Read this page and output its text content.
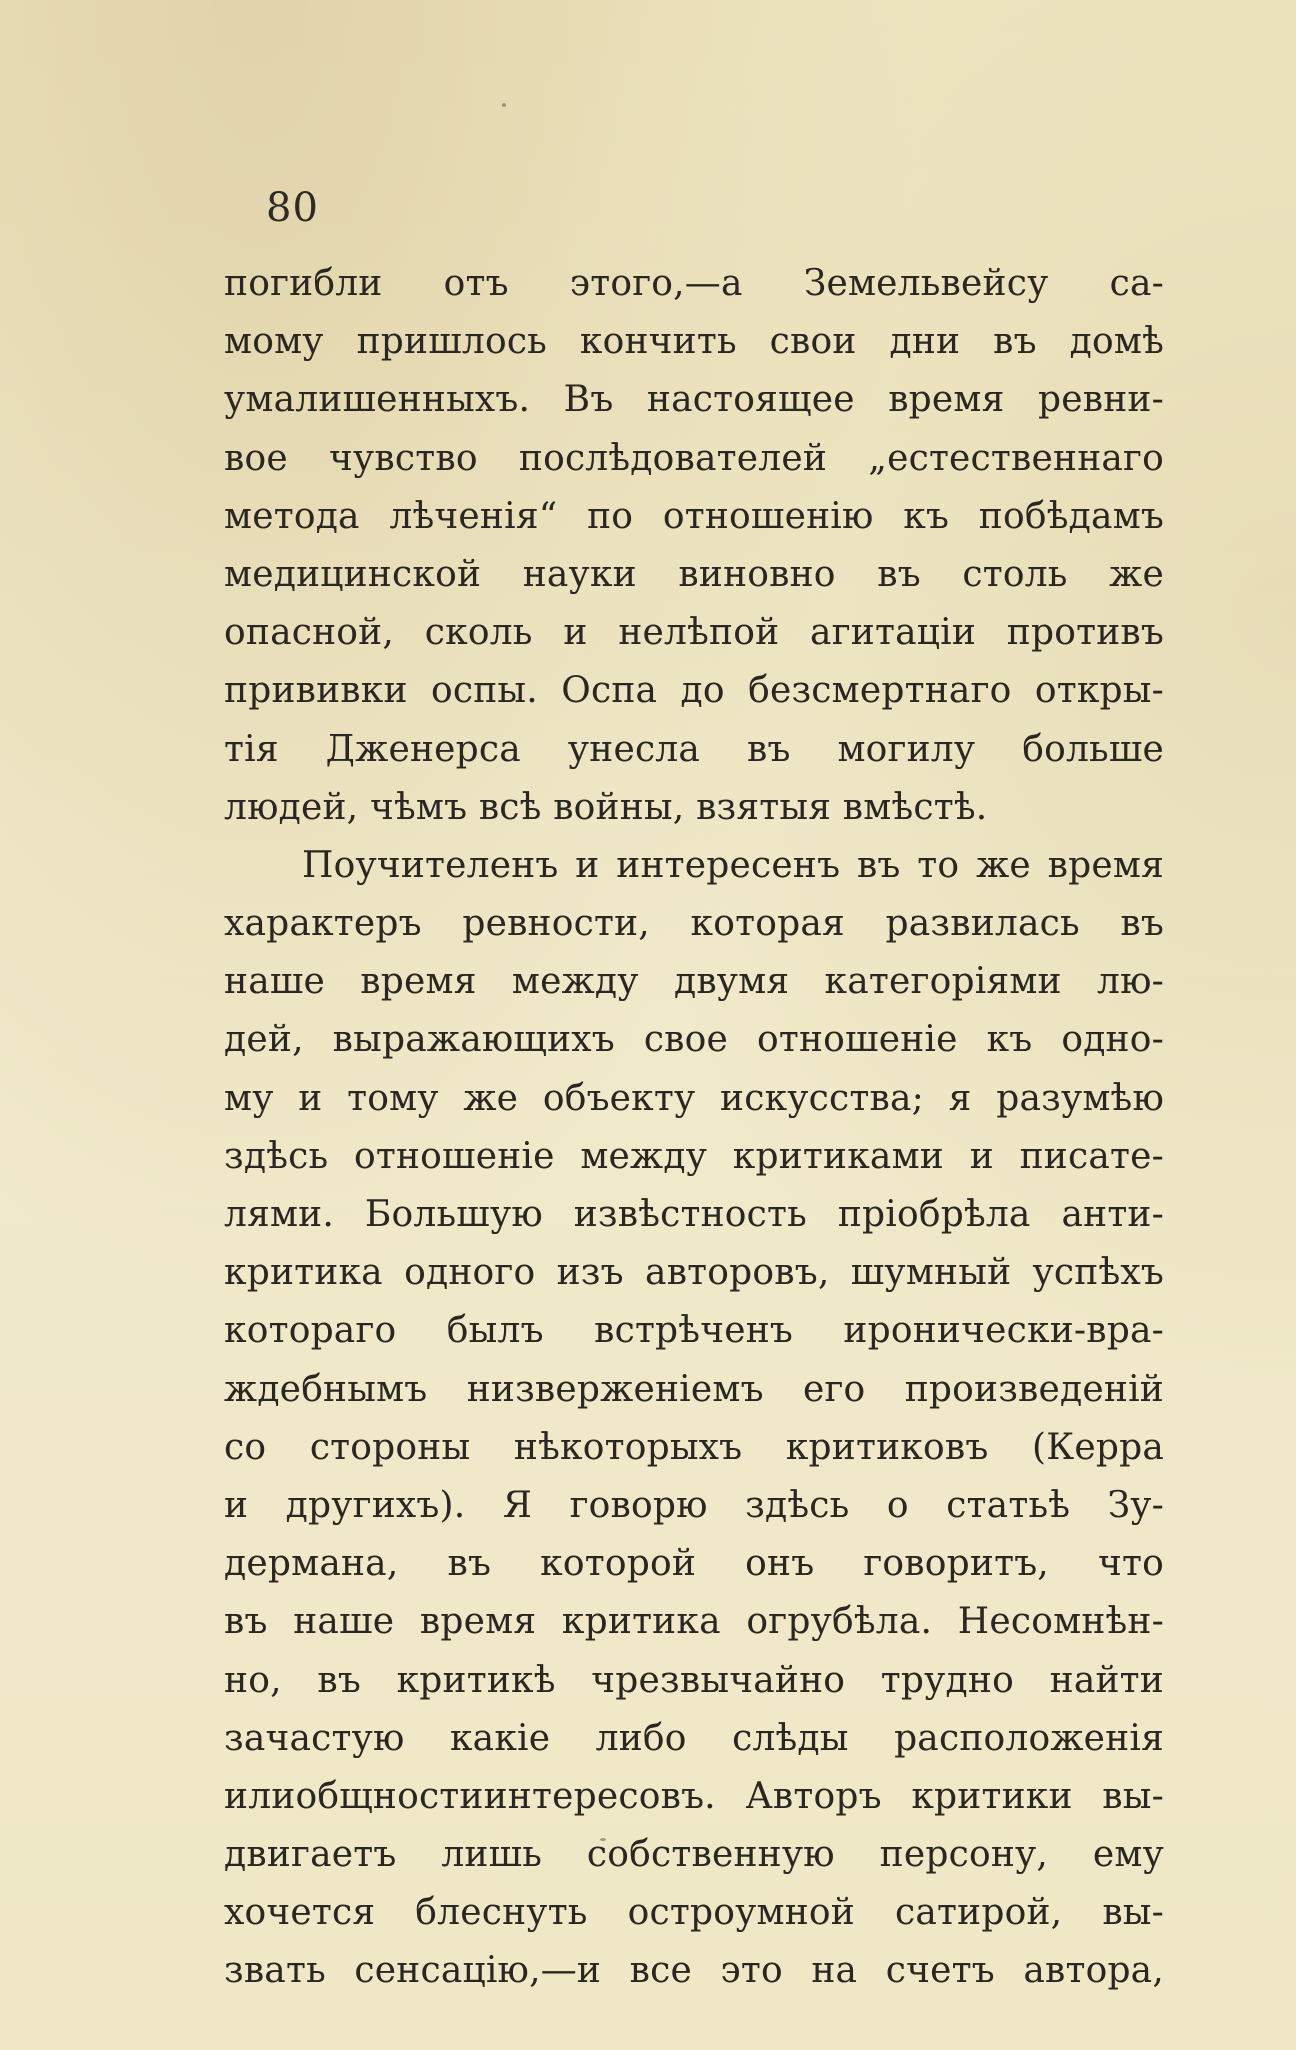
80
погибли отъ этого,—а Земельвейсу са-
мому пришлось кончить свои дни въ домѣ
умалишенныхъ. Въ настоящее время ревни-
вое чувство послѣдователей „естественнаго
метода лѣченія“ по отношенію къ побѣдамъ
медицинской науки виновно въ столь же
опасной, сколь и нелѣпой агитаціи противъ
прививки оспы. Оспа до безсмертнаго откры-
тія Дженерса унесла въ могилу больше
людей, чѣмъ всѣ войны, взятыя вмѣстѣ.
Поучителенъ и интересенъ въ то же время
характеръ ревности, которая развилась въ
наше время между двумя категоріями лю-
дей, выражающихъ свое отношеніе къ одно-
му и тому же объекту искусства; я разумѣю
здѣсь отношеніе между критиками и писате-
лями. Большую извѣстность пріобрѣла анти-
критика одного изъ авторовъ, шумный успѣхъ
котораго былъ встрѣченъ иронически-вра-
ждебнымъ низверженіемъ его произведеній
со стороны нѣкоторыхъ критиковъ (Керра
и другихъ). Я говорю здѣсь о статьѣ Зу-
дермана, въ которой онъ говоритъ, что
въ наше время критика огрубѣла. Несомнѣн-
но, въ критикѣ чрезвычайно трудно найти
зачастую какіе либо слѣды расположенія
илиобщностиинтересовъ. Авторъ критики вы-
двигаетъ лишь собственную персону, ему
хочется блеснуть остроумной сатирой, вы-
звать сенсацію,—и все это на счетъ автора,
